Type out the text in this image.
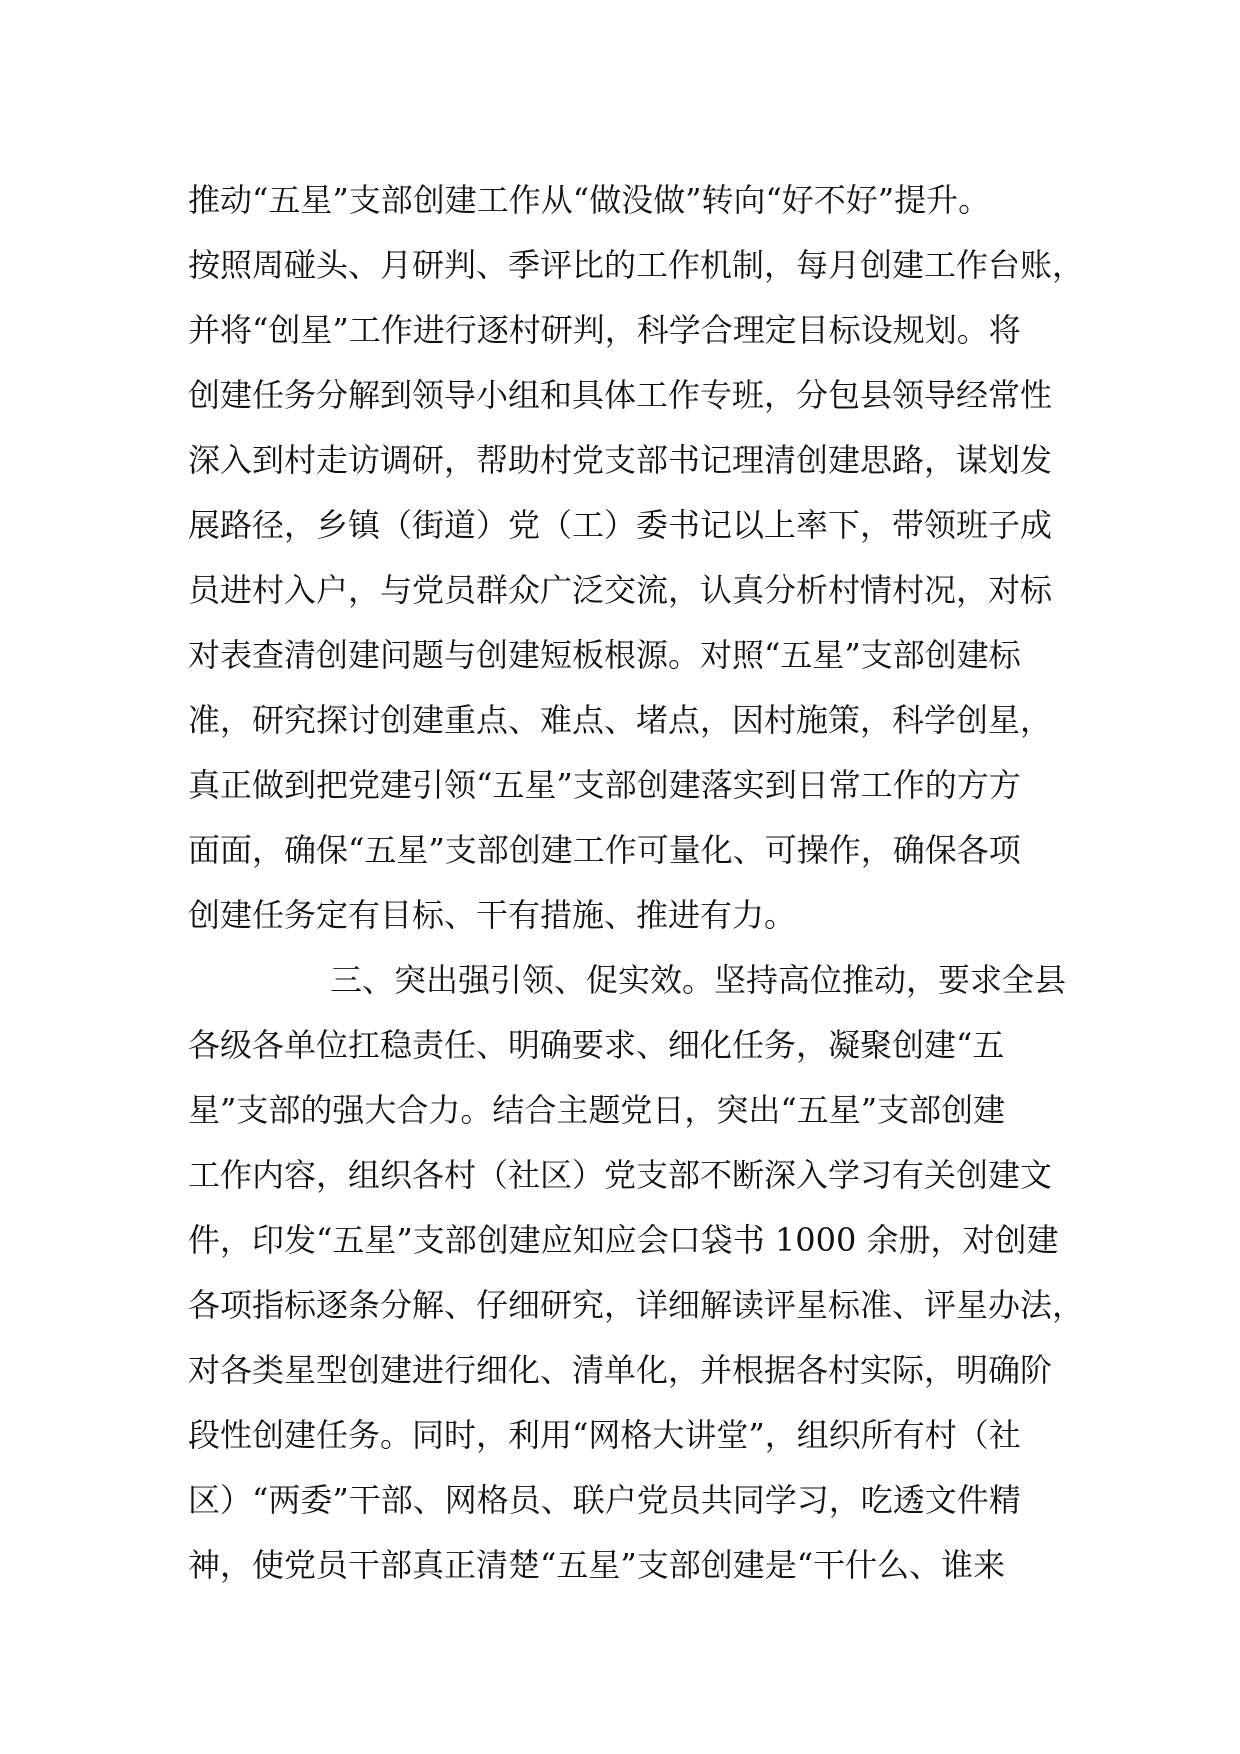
推动“五星”支部创建工作从“做没做”转向“好不好”提升。
按照周碰头、月研判、季评比的工作机制，每月创建工作台账，
并将“创星”工作进行逐村研判，科学合理定目标设规划。将
创建任务分解到领导小组和具体工作专班，分包县领导经常性
深入到村走访调研，帮助村党支部书记理清创建思路，谋划发
展路径，乡镇（街道）党（工）委书记以上率下，带领班子成
员进村入户，与党员群众广泛交流，认真分析村情村况，对标
对表查清创建问题与创建短板根源。对照“五星”支部创建标
准，研究探讨创建重点、难点、堵点，因村施策，科学创星，
真正做到把党建引领“五星”支部创建落实到日常工作的方方
面面，确保“五星”支部创建工作可量化、可操作，确保各项
创建任务定有目标、干有措施、推进有力。
三、突出强引领、促实效。坚持高位推动，要求全县
各级各单位扛稳责任、明确要求、细化任务，凝聚创建“五
星”支部的强大合力。结合主题党日，突出“五星”支部创建
工作内容，组织各村（社区）党支部不断深入学习有关创建文
件，印发“五星”支部创建应知应会口袋书 1000 余册，对创建
各项指标逐条分解、仔细研究，详细解读评星标准、评星办法，
对各类星型创建进行细化、清单化，并根据各村实际，明确阶
段性创建任务。同时，利用“网格大讲堂”，组织所有村（社
区）“两委”干部、网格员、联户党员共同学习，吃透文件精
神，使党员干部真正清楚“五星”支部创建是“干什么、谁来
